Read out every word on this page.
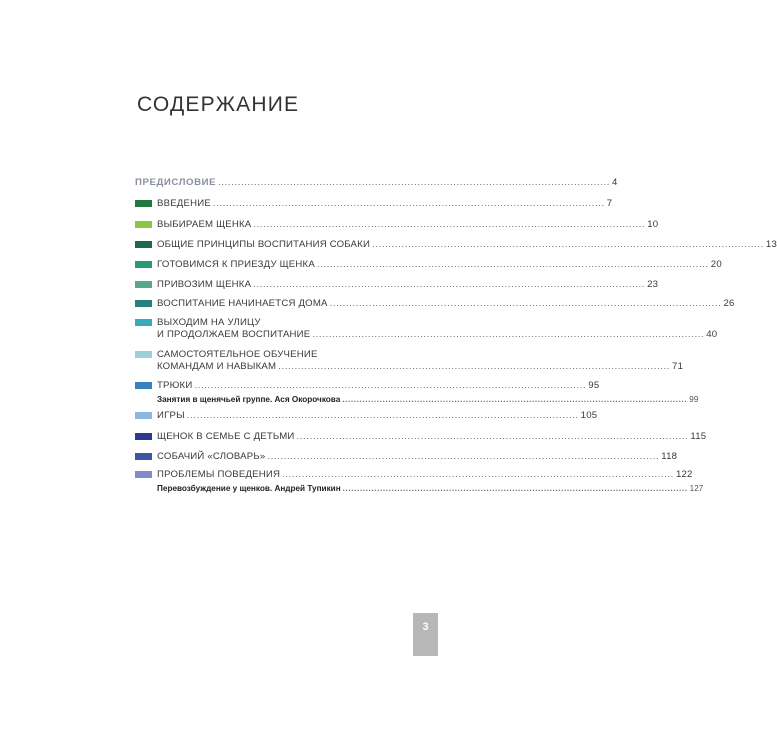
СОДЕРЖАНИЕ
ПРЕДИСЛОВИЕ ........................................................................................................................ 4
ВВЕДЕНИЕ ........................................................................................................................ 7
ВЫБИРАЕМ ЩЕНКА ........................................................................................................................ 10
ОБЩИЕ ПРИНЦИПЫ ВОСПИТАНИЯ СОБАКИ ........................................................................................................................ 13
ГОТОВИМСЯ К ПРИЕЗДУ ЩЕНКА ........................................................................................................................ 20
ПРИВОЗИМ ЩЕНКА ........................................................................................................................ 23
ВОСПИТАНИЕ НАЧИНАЕТСЯ ДОМА ........................................................................................................................ 26
ВЫХОДИМ НА УЛИЦУ
И ПРОДОЛЖАЕМ ВОСПИТАНИЕ ........................................................................................................................ 40
САМОСТОЯТЕЛЬНОЕ ОБУЧЕНИЕ
КОМАНДАМ И НАВЫКАМ ........................................................................................................................ 71
ТРЮКИ ........................................................................................................................ 95
Занятия в щенячьей группе. Ася Окорочкова ........................................................................................................................ 99
ИГРЫ ........................................................................................................................ 105
ЩЕНОК В СЕМЬЕ С ДЕТЬМИ ........................................................................................................................ 115
СОБАЧИЙ «СЛОВАРЬ» ........................................................................................................................ 118
ПРОБЛЕМЫ ПОВЕДЕНИЯ ........................................................................................................................ 122
Перевозбуждение у щенков. Андрей Тупикин ........................................................................................................................ 127
3
